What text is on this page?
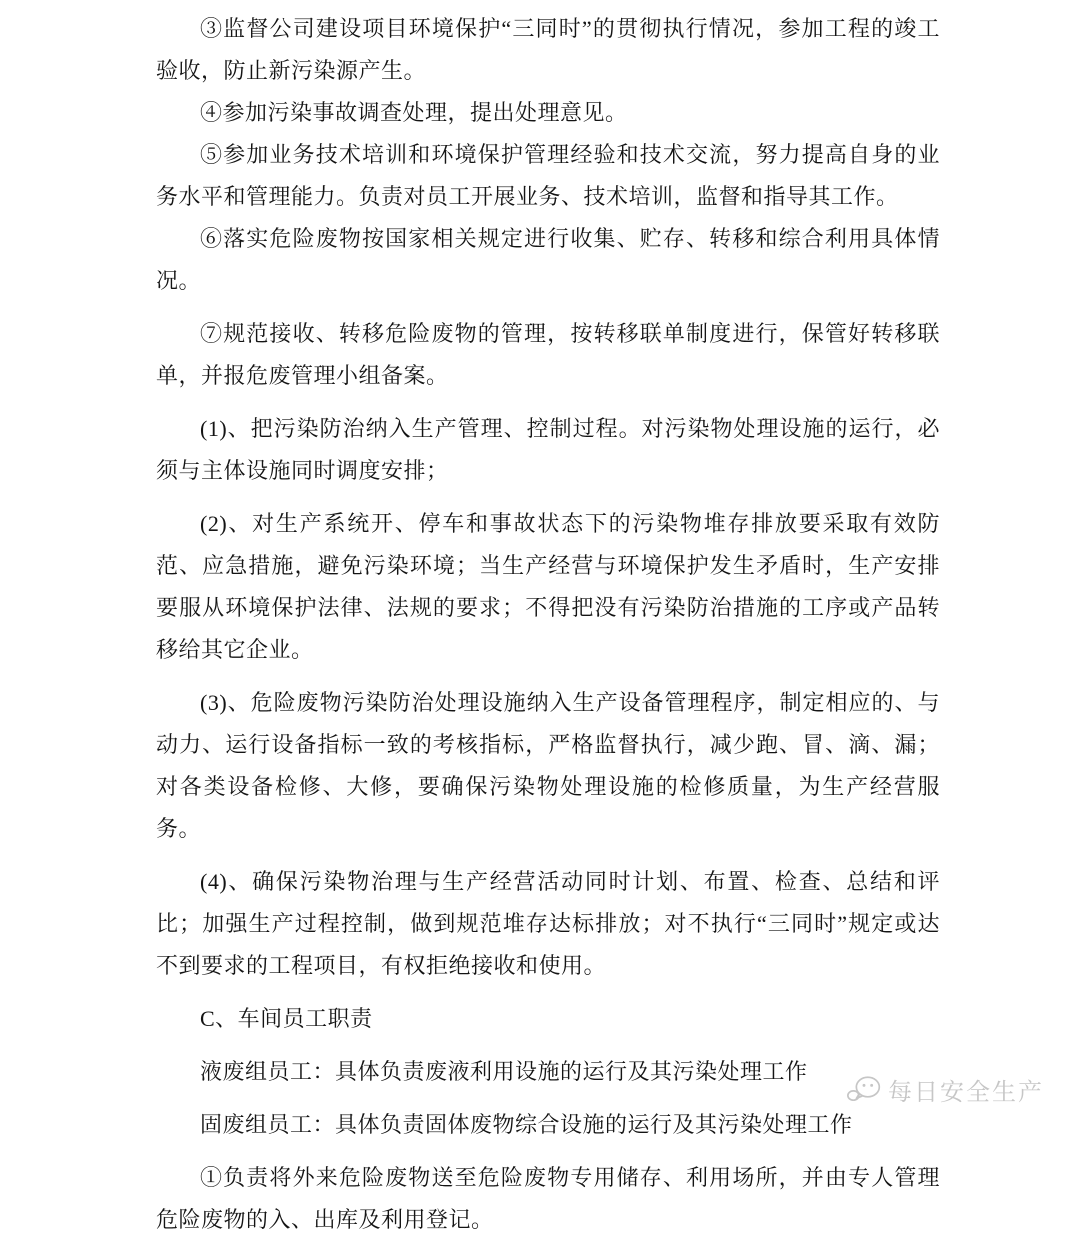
③监督公司建设项目环境保护“三同时”的贯彻执行情况，参加工程的竣工验收，防止新污染源产生。

④参加污染事故调查处理，提出处理意见。

⑤参加业务技术培训和环境保护管理经验和技术交流，努力提高自身的业务水平和管理能力。负责对员工开展业务、技术培训，监督和指导其工作。

⑥落实危险废物按国家相关规定进行收集、贮存、转移和综合利用具体情况。

⑦规范接收、转移危险废物的管理，按转移联单制度进行，保管好转移联单，并报危废管理小组备案。

(1)、把污染防治纳入生产管理、控制过程。对污染物处理设施的运行，必须与主体设施同时调度安排；

(2)、对生产系统开、停车和事故状态下的污染物堆存排放要采取有效防范、应急措施，避免污染环境；当生产经营与环境保护发生矛盾时，生产安排要服从环境保护法律、法规的要求；不得把没有污染防治措施的工序或产品转移给其它企业。

(3)、危险废物污染防治处理设施纳入生产设备管理程序，制定相应的、与动力、运行设备指标一致的考核指标，严格监督执行，减少跑、冒、滴、漏；对各类设备检修、大修，要确保污染物处理设施的检修质量，为生产经营服务。

(4)、确保污染物治理与生产经营活动同时计划、布置、检查、总结和评比；加强生产过程控制，做到规范堆存达标排放；对不执行“三同时”规定或达不到要求的工程项目，有权拒绝接收和使用。

C、车间员工职责

液废组员工：具体负责废液利用设施的运行及其污染处理工作

固废组员工：具体负责固体废物综合设施的运行及其污染处理工作

①负责将外来危险废物送至危险废物专用储存、利用场所，并由专人管理危险废物的入、出库及利用登记。

每日安全生产
